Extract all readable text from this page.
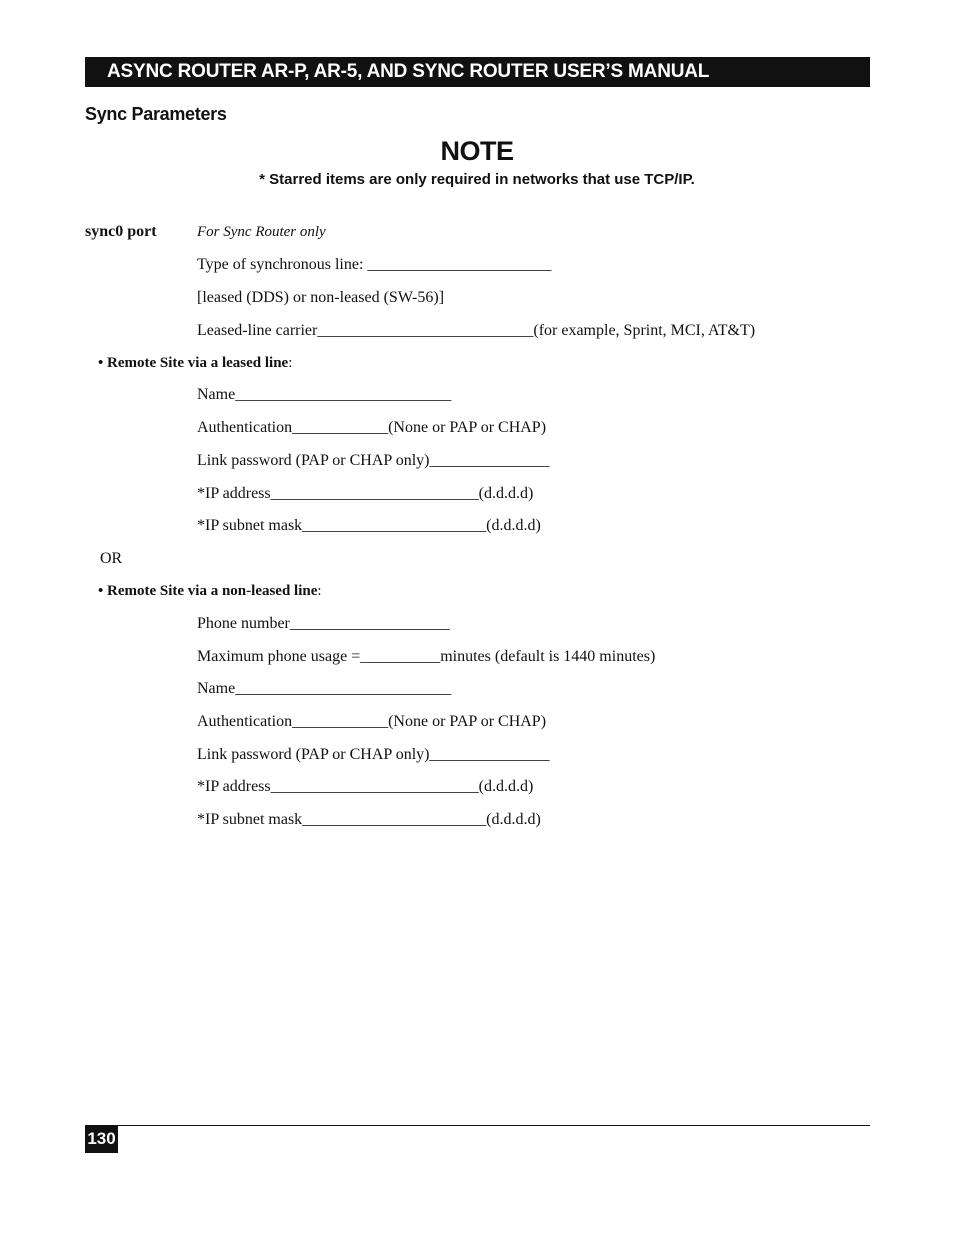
ASYNC ROUTER AR-P, AR-5, AND SYNC ROUTER USER’S MANUAL
Sync Parameters
NOTE
* Starred items are only required in networks that use TCP/IP.
sync0 port	For Sync Router only
Type of synchronous line: _______________________
[leased (DDS) or non-leased (SW-56)]
Leased-line carrier___________________________(for example, Sprint, MCI, AT&T)
• Remote Site via a leased line:
Name___________________________
Authentication____________(None or PAP or CHAP)
Link password (PAP or CHAP only)_______________
*IP address__________________________(d.d.d.d)
*IP subnet mask_______________________(d.d.d.d)
OR
• Remote Site via a non-leased line:
Phone number____________________
Maximum phone usage =__________minutes (default is 1440 minutes)
Name___________________________
Authentication____________(None or PAP or CHAP)
Link password (PAP or CHAP only)_______________
*IP address__________________________(d.d.d.d)
*IP subnet mask_______________________(d.d.d.d)
130
